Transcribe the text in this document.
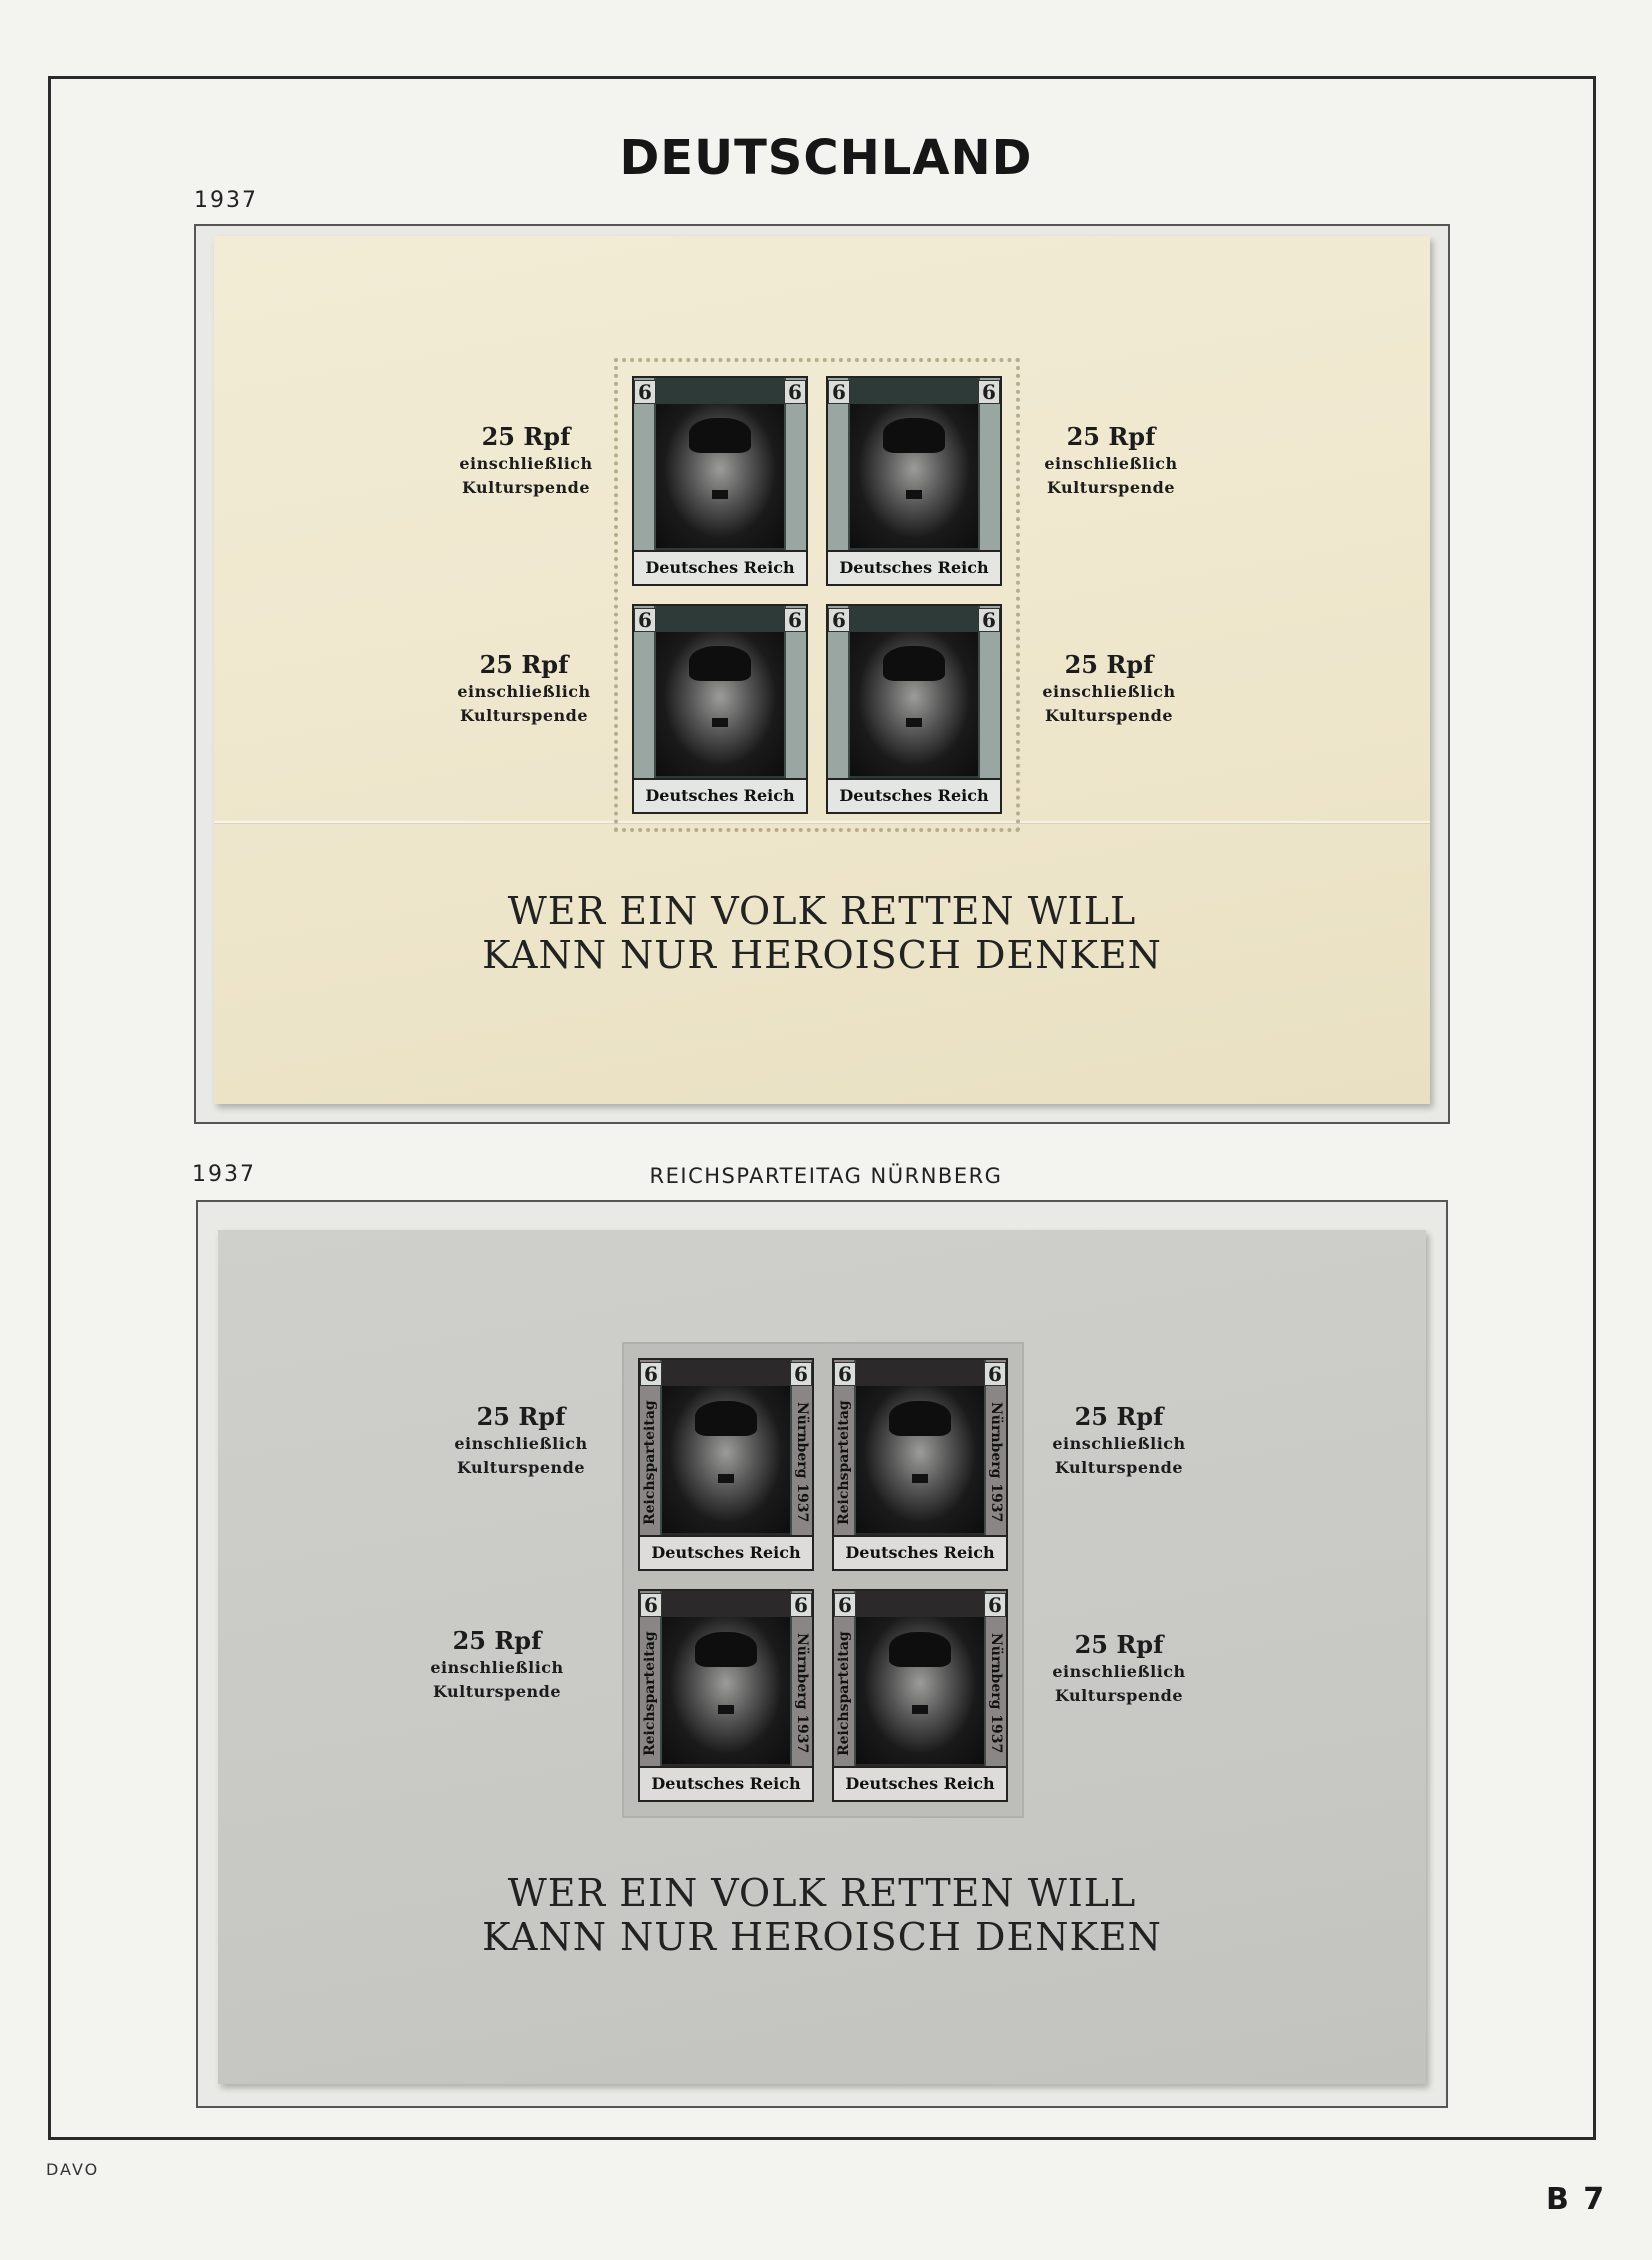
DEUTSCHLAND
1937
6	6
Deutsches Reich
6	6
Deutsches Reich
6	6
Deutsches Reich
6	6
Deutsches Reich
25 Rpf
einschließlich
Kulturspende
25 Rpf
einschließlich
Kulturspende
25 Rpf
einschließlich
Kulturspende
25 Rpf
einschließlich
Kulturspende
WER EIN VOLK RETTEN WILL
KANN NUR HEROISCH DENKEN
1937	REICHSPARTEITAG NÜRNBERG
Reichsparteitag	Nürnberg 1937
6	6
Deutsches Reich
Reichsparteitag	Nürnberg 1937
6	6
Deutsches Reich
Reichsparteitag	Nürnberg 1937
6	6
Deutsches Reich
Reichsparteitag	Nürnberg 1937
6	6
Deutsches Reich
25 Rpf
einschließlich
Kulturspende
25 Rpf
einschließlich
Kulturspende
25 Rpf
einschließlich
Kulturspende
25 Rpf
einschließlich
Kulturspende
WER EIN VOLK RETTEN WILL
KANN NUR HEROISCH DENKEN
DAVO
B 7
